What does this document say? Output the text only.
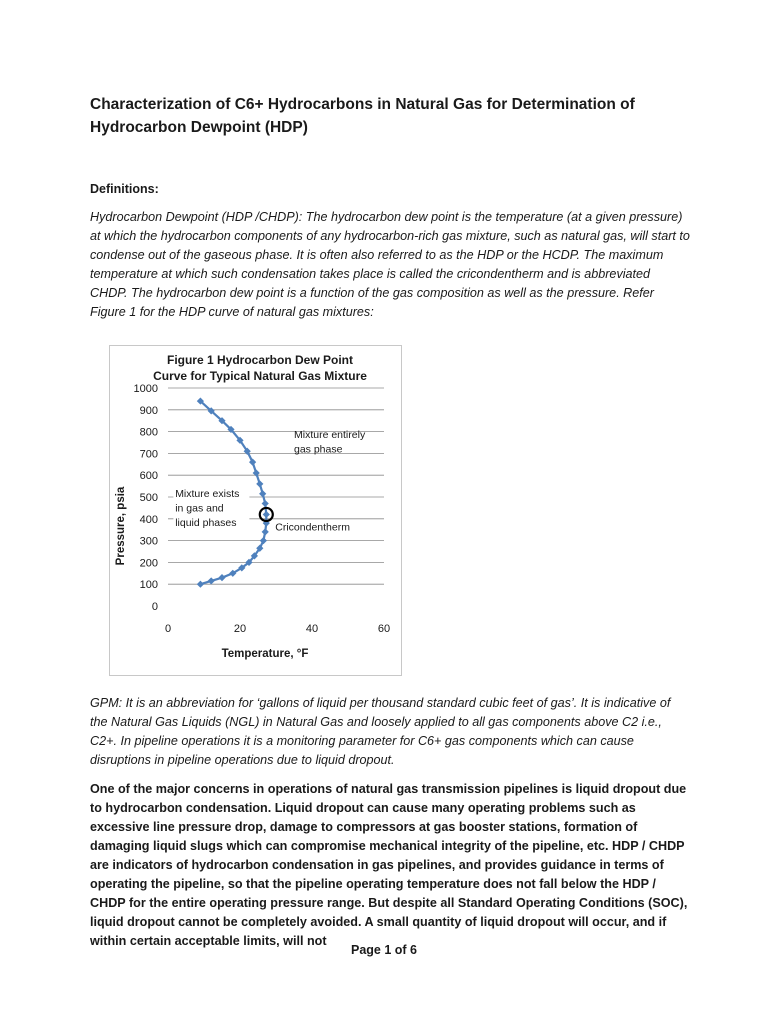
Characterization of C6+ Hydrocarbons in Natural Gas for Determination of
Hydrocarbon Dewpoint (HDP)
Definitions:
Hydrocarbon Dewpoint (HDP /CHDP): The hydrocarbon dew point is the temperature (at a given pressure) at which the hydrocarbon components of any hydrocarbon-rich gas mixture, such as natural gas, will start to condense out of the gaseous phase. It is often also referred to as the HDP or the HCDP. The maximum temperature at which such condensation takes place is called the cricondentherm and is abbreviated CHDP. The hydrocarbon dew point is a function of the gas composition as well as the pressure. Refer Figure 1 for the HDP curve of natural gas mixtures:
Figure 1 Hydrocarbon Dew Point
Curve for Typical Natural Gas Mixture
0
100
200
300
400
500
600
700
800
900
1000
0	20	40	60
Mixture entirely
gas phase
Mixture exists
in gas and
liquid phases	Cricondentherm
Temperature, °F
Pressure, psia
GPM: It is an abbreviation for ‘gallons of liquid per thousand standard cubic feet of gas’. It is indicative of the Natural Gas Liquids (NGL) in Natural Gas and loosely applied to all gas components above C2 i.e., C2+. In pipeline operations it is a monitoring parameter for C6+ gas components which can cause disruptions in pipeline operations due to liquid dropout.
One of the major concerns in operations of natural gas transmission pipelines is liquid dropout due to hydrocarbon condensation. Liquid dropout can cause many operating problems such as excessive line pressure drop, damage to compressors at gas booster stations, formation of damaging liquid slugs which can compromise mechanical integrity of the pipeline, etc. HDP / CHDP are indicators of hydrocarbon condensation in gas pipelines, and provides guidance in terms of operating the pipeline, so that the pipeline operating temperature does not fall below the HDP / CHDP for the entire operating pressure range. But despite all Standard Operating Conditions (SOC), liquid dropout cannot be completely avoided. A small quantity of liquid dropout will occur, and if within certain acceptable limits, will not
Page 1 of 6
